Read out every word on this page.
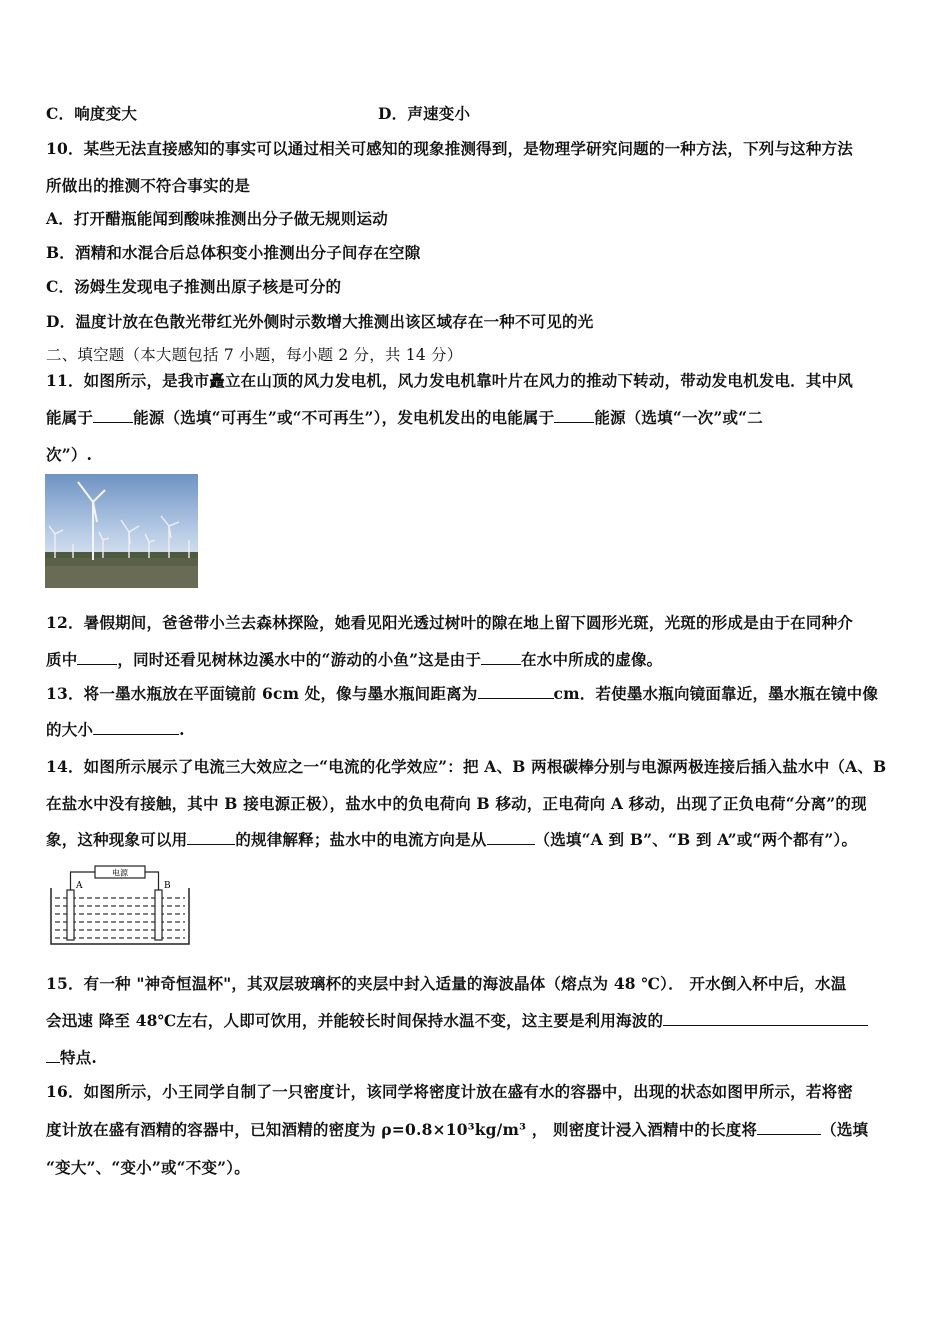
C．响度变大	D．声速变小
10．某些无法直接感知的事实可以通过相关可感知的现象推测得到，是物理学研究问题的一种方法，下列与这种方法
所做出的推测不符合事实的是
A．打开醋瓶能闻到酸味推测出分子做无规则运动
B．酒精和水混合后总体积变小推测出分子间存在空隙
C．汤姆生发现电子推测出原子核是可分的
D．温度计放在色散光带红光外侧时示数增大推测出该区域存在一种不可见的光
二、填空题（本大题包括 7 小题，每小题 2 分，共 14 分）
11．如图所示，是我市矗立在山顶的风力发电机，风力发电机靠叶片在风力的推动下转动，带动发电机发电．其中风
能属于	能源（选填“可再生”或“不可再生”），发电机发出的电能属于	能源（选填“一次”或“二
次”）.
12．暑假期间，爸爸带小兰去森林探险，她看见阳光透过树叶的隙在地上留下圆形光斑，光斑的形成是由于在同种介
质中	，同时还看见树林边溪水中的“游动的小鱼”这是由于	在水中所成的虚像。
13．将一墨水瓶放在平面镜前 6cm 处，像与墨水瓶间距离为	cm．若使墨水瓶向镜面靠近，墨水瓶在镜中像
的大小	.
14．如图所示展示了电流三大效应之一“电流的化学效应”：把 A、B 两根碳棒分别与电源两极连接后插入盐水中（A、B
在盐水中没有接触，其中 B 接电源正极），盐水中的负电荷向 B 移动，正电荷向 A 移动，出现了正负电荷“分离”的现
象，这种现象可以用	的规律解释；盐水中的电流方向是从	（选填“A 到 B”、“B 到 A”或“两个都有”）。
电源
A	B
15．有一种 "神奇恒温杯"，其双层玻璃杯的夹层中封入适量的海波晶体（熔点为 48 ℃）． 开水倒入杯中后，水温
会迅速 降至 48℃左右，人即可饮用，并能较长时间保持水温不变，这主要是利用海波的
特点.
16．如图所示，小王同学自制了一只密度计，该同学将密度计放在盛有水的容器中，出现的状态如图甲所示，若将密
度计放在盛有酒精的容器中，已知酒精的密度为 ρ=0.8×10³kg/m³ ， 则密度计浸入酒精中的长度将	（选填
“变大”、“变小”或“不变”）。
